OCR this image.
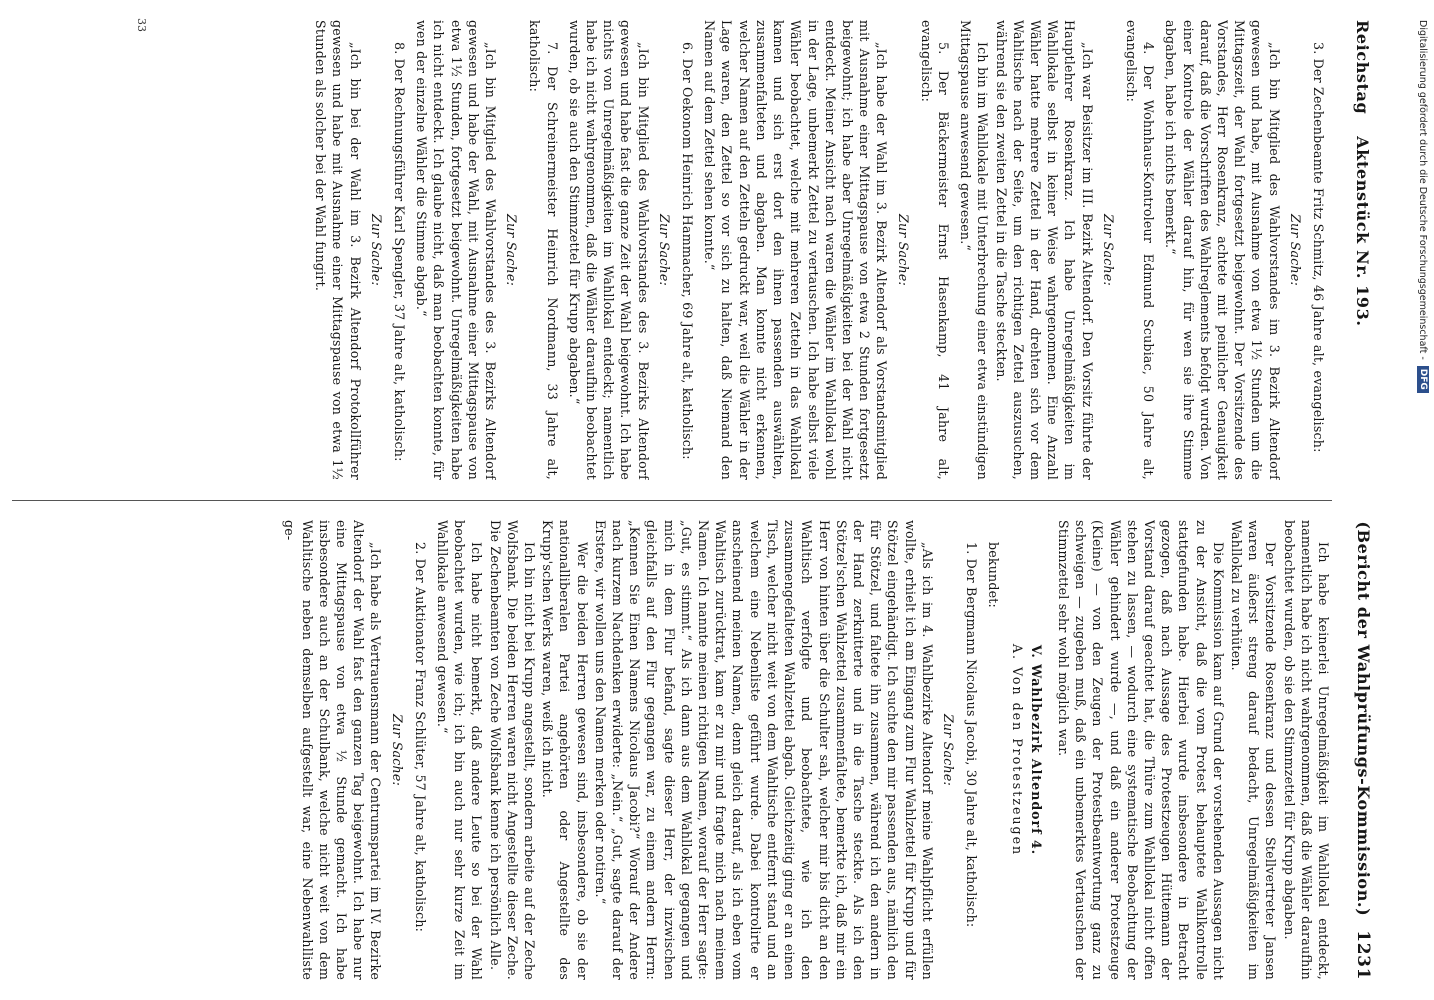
Reichstag
Aktenstück Nr. 193.
(Bericht der Wahlprüfungs-Kommission.)
1231

3. Der Zechenbeamte Fritz Schmitz, 46 Jahre alt, evangelisch:

Zur Sache:

„Ich bin Mitglied des Wahlvorstandes im 3. Bezirk Altendorf gewesen und habe, mit Ausnahme von etwa 1½ Stunden um die Mittagszeit, der Wahl fortgesetzt beigewohnt. Der Vorsitzende des Vorstandes, Herr Rosenkranz, achtete mit peinlicher Genauigkeit darauf, daß die Vorschriften des Wahlreglements befolgt wurden. Von einer Kontrole der Wähler darauf hin, für wen sie ihre Stimme abgaben, habe ich nichts bemerkt.“

4. Der Wohnhaus-Kontroleur Edmund Scubiac, 50 Jahre alt, evangelisch:

Zur Sache:

„Ich war Beisitzer im III. Bezirk Altendorf. Den Vorsitz führte der Hauptlehrer Rosenkranz. Ich habe Unregelmäßigkeiten im Wahllokale selbst in keiner Weise wahrgenommen. Eine Anzahl Wähler hatte mehrere Zettel in der Hand, drehten sich vor dem Wahltische nach der Seite, um den richtigen Zettel auszusuchen, während sie den zweiten Zettel in die Tasche steckten.

Ich bin im Wahllokale mit Unterbrechung einer etwa einstündigen Mittagspause anwesend gewesen.“

5. Der Bäckermeister Ernst Hasenkamp, 41 Jahre alt, evangelisch:

Zur Sache:

„Ich habe der Wahl im 3. Bezirk Altendorf als Vorstandsmitglied mit Ausnahme einer Mittagspause von etwa 2 Stunden fortgesetzt beigewohnt; ich habe aber Unregelmäßigkeiten bei der Wahl nicht entdeckt. Meiner Ansicht nach waren die Wähler im Wahllokal wohl in der Lage, unbemerkt Zettel zu vertauschen. Ich habe selbst viele Wähler beobachtet, welche mit mehreren Zetteln in das Wahllokal kamen und sich erst dort den ihnen passenden auswählten, zusammenfalteten und abgaben. Man konnte nicht erkennen, welcher Namen auf den Zetteln gedruckt war, weil die Wähler in der Lage waren, den Zettel so vor sich zu halten, daß Niemand den Namen auf dem Zettel sehen konnte.“

6. Der Oekonom Heinrich Hammacher, 69 Jahre alt, katholisch:

Zur Sache:

„Ich bin Mitglied des Wahlvorstandes des 3. Bezirks Altendorf gewesen und habe fast die ganze Zeit der Wahl beigewohnt. Ich habe nichts von Unregelmäßigkeiten im Wahllokal entdeckt; namentlich habe ich nicht wahrgenommen, daß die Wähler daraufhin beobachtet wurden, ob sie auch den Stimmzettel für Krupp abgaben.“

7. Der Schreinermeister Heinrich Nordmann, 33 Jahre alt, katholisch:

Zur Sache:

„Ich bin Mitglied des Wahlvorstandes des 3. Bezirks Altendorf gewesen und habe der Wahl, mit Ausnahme einer Mittagspause von etwa 1½ Stunden, fortgesetzt beigewohnt. Unregelmäßigkeiten habe ich nicht entdeckt. Ich glaube nicht, daß man beobachten konnte, für wen der einzelne Wähler die Stimme abgab.“

8. Der Rechnungsführer Karl Spengler, 37 Jahre alt, katholisch:

Zur Sache:

„Ich bin bei der Wahl im 3. Bezirk Altendorf Protokollführer gewesen und habe mit Ausnahme einer Mittagspause von etwa 1½ Stunden als solcher bei der Wahl fungirt.

Ich habe keinerlei Unregelmäßigkeit im Wahllokal entdeckt, namentlich habe ich nicht wahrgenommen, daß die Wähler daraufhin beobachtet wurden, ob sie den Stimmzettel für Krupp abgaben.

Der Vorsitzende Rosenkranz und dessen Stellvertreter Jansen waren äußerst streng darauf bedacht, Unregelmäßigkeiten im Wahllokal zu verhüten.

Die Kommission kam auf Grund der vorstehenden Aussagen nicht zu der Ansicht, daß die vom Protest behauptete Wahlkontrolle stattgefunden habe. Hierbei wurde insbesondere in Betracht gezogen, daß nach Aussage des Protestzeugen Hüttemann der Vorstand darauf geachtet hat, die Thüre zum Wahllokal nicht offen stehen zu lassen, — wodurch eine systematische Beobachtung der Wähler gehindert wurde —, und daß ein anderer Protestzeuge (Kleine) — von den Zeugen der Protestbeantwortung ganz zu schweigen — zugeben muß, daß ein unbemerktes Vertauschen der Stimmzettel sehr wohl möglich war.

V. Wahlbezirk Altendorf 4.

A. Von den Protestzeugen

bekundet:

1. Der Bergmann Nicolaus Jacobi, 30 Jahre alt, katholisch:

Zur Sache:

„Als ich im 4. Wahlbezirke Altendorf meine Wahlpflicht erfüllen wollte, erhielt ich am Eingang zum Flur Wahlzettel für Krupp und für Stötzel eingehändigt. Ich suchte den mir passenden aus, nämlich den für Stötzel, und faltete ihn zusammen, während ich den andern in der Hand zerknitterte und in die Tasche steckte. Als ich den Stötzel'schen Wahlzettel zusammenfaltete, bemerkte ich, daß mir ein Herr von hinten über die Schulter sah, welcher mir bis dicht an den Wahltisch verfolgte und beobachtete, wie ich den zusammengefalteten Wahlzettel abgab. Gleichzeitig ging er an einen Tisch, welcher nicht weit von dem Wahltische entfernt stand und an welchem eine Nebenliste geführt wurde. Dabei kontrolirte er anscheinend meinen Namen, denn gleich darauf, als ich eben vom Wahltisch zurücktrat, kam er zu mir und fragte mich nach meinem Namen. Ich nannte meinen richtigen Namen, worauf der Herr sagte: „Gut, es stimmt.“ Als ich dann aus dem Wahllokal gegangen und mich in dem Flur befand, sagte dieser Herr, der inzwischen gleichfalls auf den Flur gegangen war, zu einem andern Herrn: „Kennen Sie Einen Namens Nicolaus Jacobi?“ Worauf der Andere nach kurzem Nachdenken erwiderte: „Nein.“ „Gut, sagte darauf der Erstere, wir wollen uns den Namen merken oder notiren.“

Wer die beiden Herren gewesen sind, insbesondere, ob sie der nationalliberalen Partei angehörten oder Angestellte des Krupp'schen Werks waren, weiß ich nicht.

Ich bin nicht bei Krupp angestellt, sondern arbeite auf der Zeche Wolfsbank. Die beiden Herren waren nicht Angestellte dieser Zeche. Die Zechenbeamten von Zeche Wolfsbank kenne ich persönlich Alle.

Ich habe nicht bemerkt, daß andere Leute so bei der Wahl beobachtet wurden, wie ich; ich bin auch nur sehr kurze Zeit im Wahllokale anwesend gewesen.“

2. Der Auktionator Franz Schlüter, 57 Jahre alt, katholisch:

Zur Sache:

„Ich habe als Vertrauensmann der Centrumspartei im IV. Bezirke Altendorf der Wahl fast den ganzen Tag beigewohnt. Ich habe nur eine Mittagspause von etwa ½ Stunde gemacht. Ich habe insbesondere auch an der Schulbank, welche nicht weit von dem Wahltische neben demselben aufgestellt war, eine Nebenwahlliste ge-

33	Digitalisierung gefördert durch die Deutsche Forschungsgemeinschaft -
DFG
